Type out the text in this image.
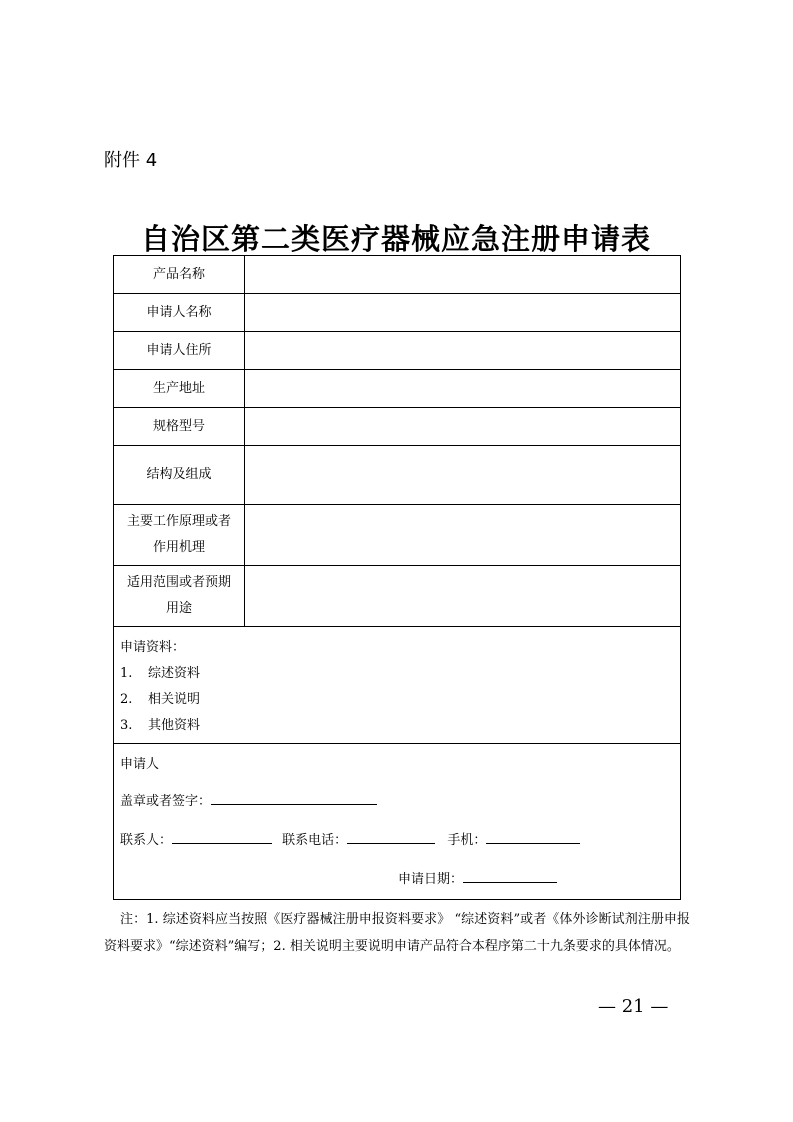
附件 4
自治区第二类医疗器械应急注册申请表
产品名称	
申请人名称	
申请人住所	
生产地址	
规格型号	
结构及组成	

主要工作原理或者
作用机理	

适用范围或者预期
用途	

申请资料：
1. 综述资料
2. 相关说明
3. 其他资料	

申请人
盖章或者签字：
联系人： 联系电话： 手机：
申请日期：	
注：1. 综述资料应当按照《医疗器械注册申报资料要求》 “综述资料”或者《体外诊断试剂注册申报资料要求》“综述资料”编写；2. 相关说明主要说明申请产品符合本程序第二十九条要求的具体情况。
— 21 —
